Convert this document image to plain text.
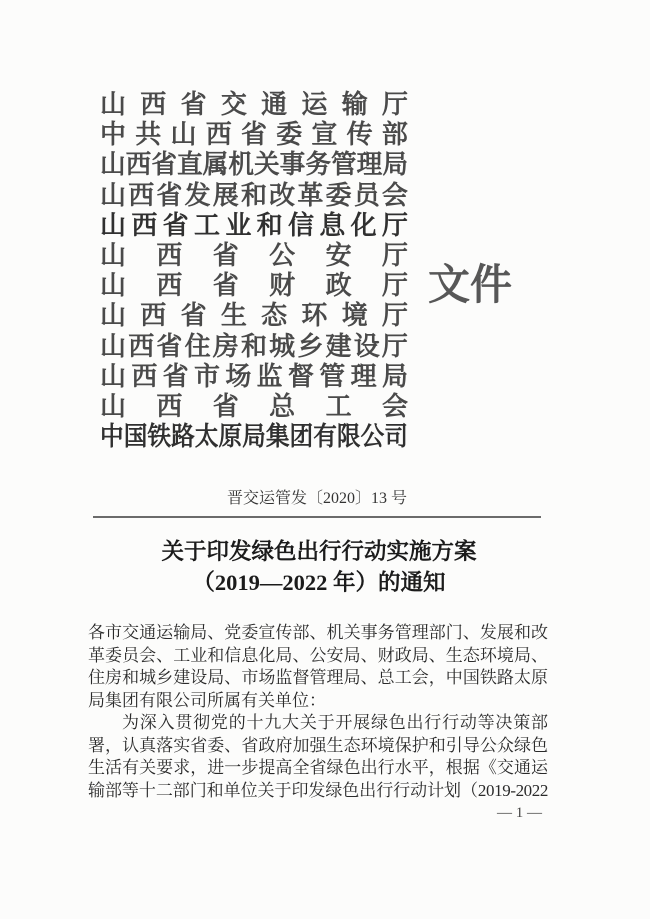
山 西 省 交 通 运 输 厅
中 共 山 西 省 委 宣 传 部
山 西 省 直 属 机 关 事 务 管 理 局
山 西 省 发 展 和 改 革 委 员 会
山 西 省 工 业 和 信 息 化 厅
山 西 省 公 安 厅
山 西 省 财 政 厅
山 西 省 生 态 环 境 厅
山 西 省 住 房 和 城 乡 建 设 厅
山 西 省 市 场 监 督 管 理 局
山 西 省 总 工 会
中 国 铁 路 太 原 局 集 团 有 限 公 司
文件
晋交运管发〔2020〕13 号
关于印发绿色出行行动实施方案
（2019—2022 年）的通知
各市交通运输局、党委宣传部、机关事务管理部门、发展和改
革委员会、工业和信息化局、公安局、财政局、生态环境局、
住房和城乡建设局、市场监督管理局、总工会，中国铁路太原
局集团有限公司所属有关单位：
为深入贯彻党的十九大关于开展绿色出行行动等决策部
署，认真落实省委、省政府加强生态环境保护和引导公众绿色
生活有关要求，进一步提高全省绿色出行水平，根据《交通运
输部等十二部门和单位关于印发绿色出行行动计划（2019-2022
— 1 —
